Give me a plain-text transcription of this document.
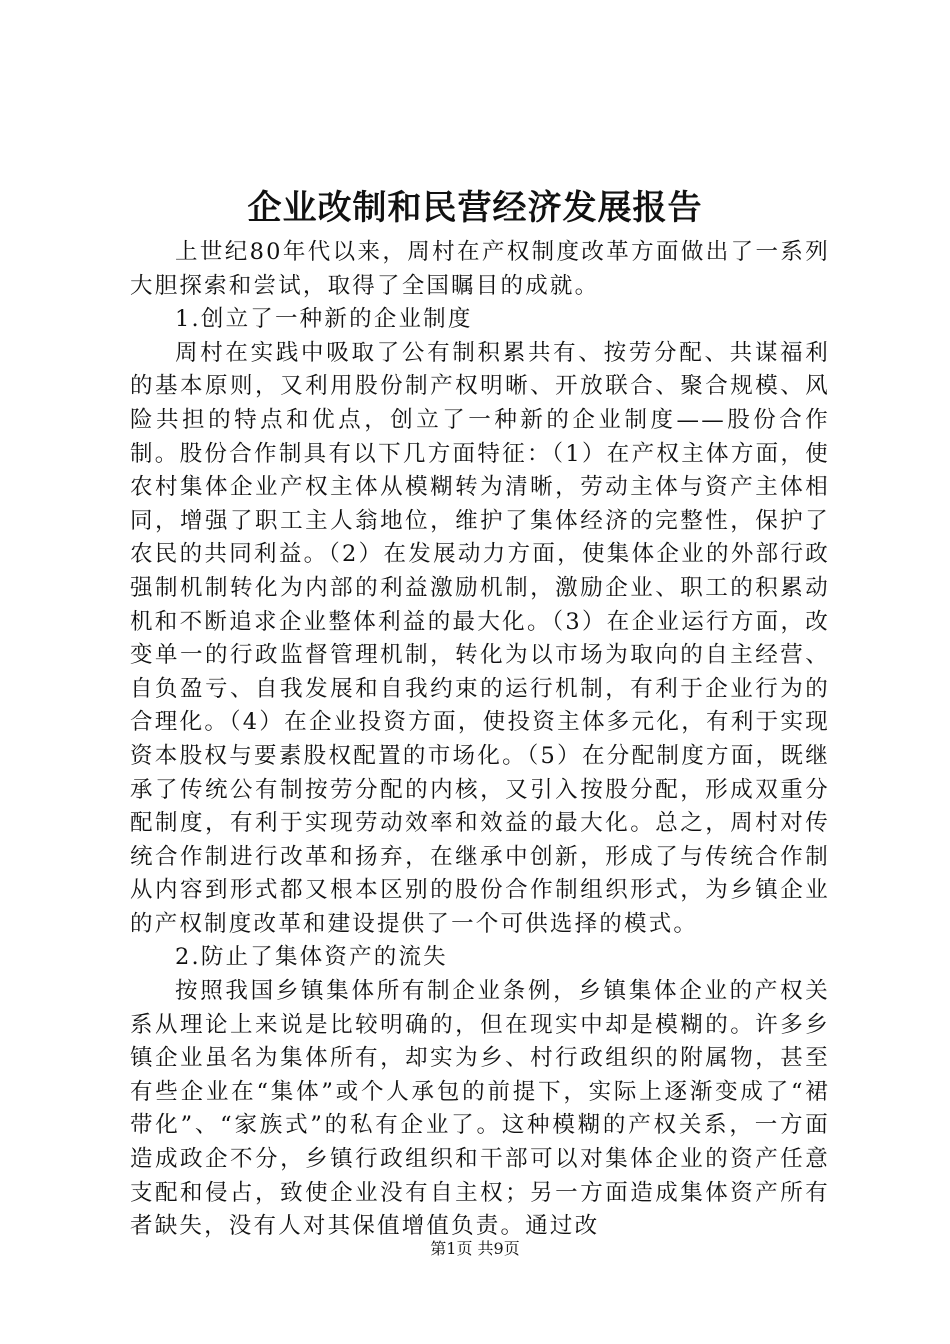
企业改制和民营经济发展报告

上世纪80年代以来，周村在产权制度改革方面做出了一系列大胆探索和尝试，取得了全国瞩目的成就。

1.创立了一种新的企业制度

周村在实践中吸取了公有制积累共有、按劳分配、共谋福利的基本原则，又利用股份制产权明晰、开放联合、聚合规模、风险共担的特点和优点，创立了一种新的企业制度——股份合作制。股份合作制具有以下几方面特征：（1）在产权主体方面，使农村集体企业产权主体从模糊转为清晰，劳动主体与资产主体相同，增强了职工主人翁地位，维护了集体经济的完整性，保护了农民的共同利益。（2）在发展动力方面，使集体企业的外部行政强制机制转化为内部的利益激励机制，激励企业、职工的积累动机和不断追求企业整体利益的最大化。（3）在企业运行方面，改变单一的行政监督管理机制，转化为以市场为取向的自主经营、自负盈亏、自我发展和自我约束的运行机制，有利于企业行为的合理化。（4）在企业投资方面，使投资主体多元化，有利于实现资本股权与要素股权配置的市场化。（5）在分配制度方面，既继承了传统公有制按劳分配的内核，又引入按股分配，形成双重分配制度，有利于实现劳动效率和效益的最大化。总之，周村对传统合作制进行改革和扬弃，在继承中创新，形成了与传统合作制从内容到形式都又根本区别的股份合作制组织形式，为乡镇企业的产权制度改革和建设提供了一个可供选择的模式。

2.防止了集体资产的流失

按照我国乡镇集体所有制企业条例，乡镇集体企业的产权关系从理论上来说是比较明确的，但在现实中却是模糊的。许多乡镇企业虽名为集体所有，却实为乡、村行政组织的附属物，甚至有些企业在“集体”或个人承包的前提下，实际上逐渐变成了“裙带化”、“家族式”的私有企业了。这种模糊的产权关系，一方面造成政企不分，乡镇行政组织和干部可以对集体企业的资产任意支配和侵占，致使企业没有自主权；另一方面造成集体资产所有者缺失，没有人对其保值增值负责。通过改

第1页 共9页
